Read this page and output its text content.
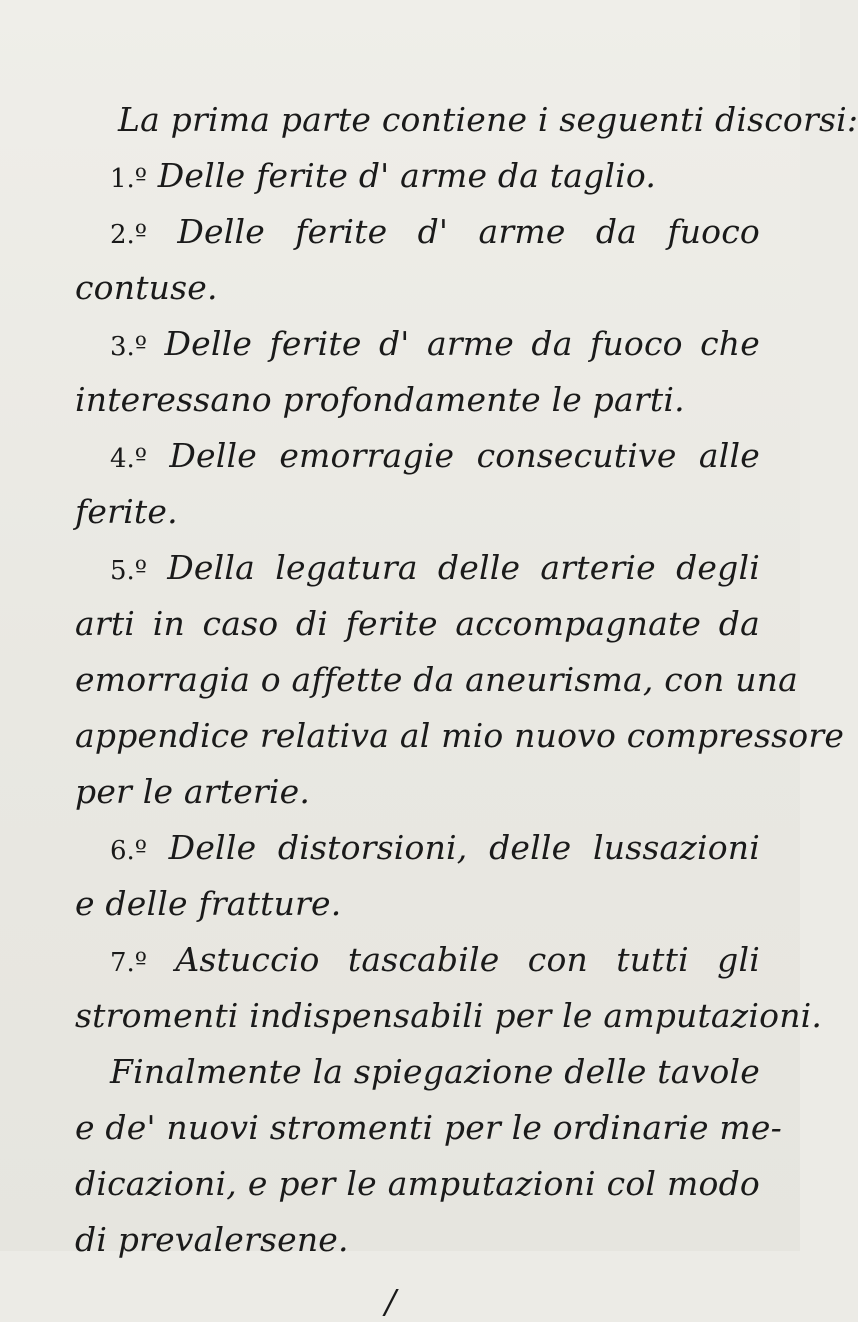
La prima parte contiene i seguenti discorsi:
1.º Delle ferite d' arme da taglio.
2.º Delle ferite d' arme da fuoco
contuse.
3.º Delle ferite d' arme da fuoco che
interessano profondamente le parti.
4.º Delle emorragie consecutive alle
ferite.
5.º Della legatura delle arterie degli
arti in caso di ferite accompagnate da
emorragia o affette da aneurisma, con una
appendice relativa al mio nuovo compressore
per le arterie.
6.º Delle distorsioni, delle lussazioni
e delle fratture.
7.º Astuccio tascabile con tutti gli
stromenti indispensabili per le amputazioni.
Finalmente la spiegazione delle tavole
e de' nuovi stromenti per le ordinarie me-
dicazioni, e per le amputazioni col modo
di prevalersene.
/
